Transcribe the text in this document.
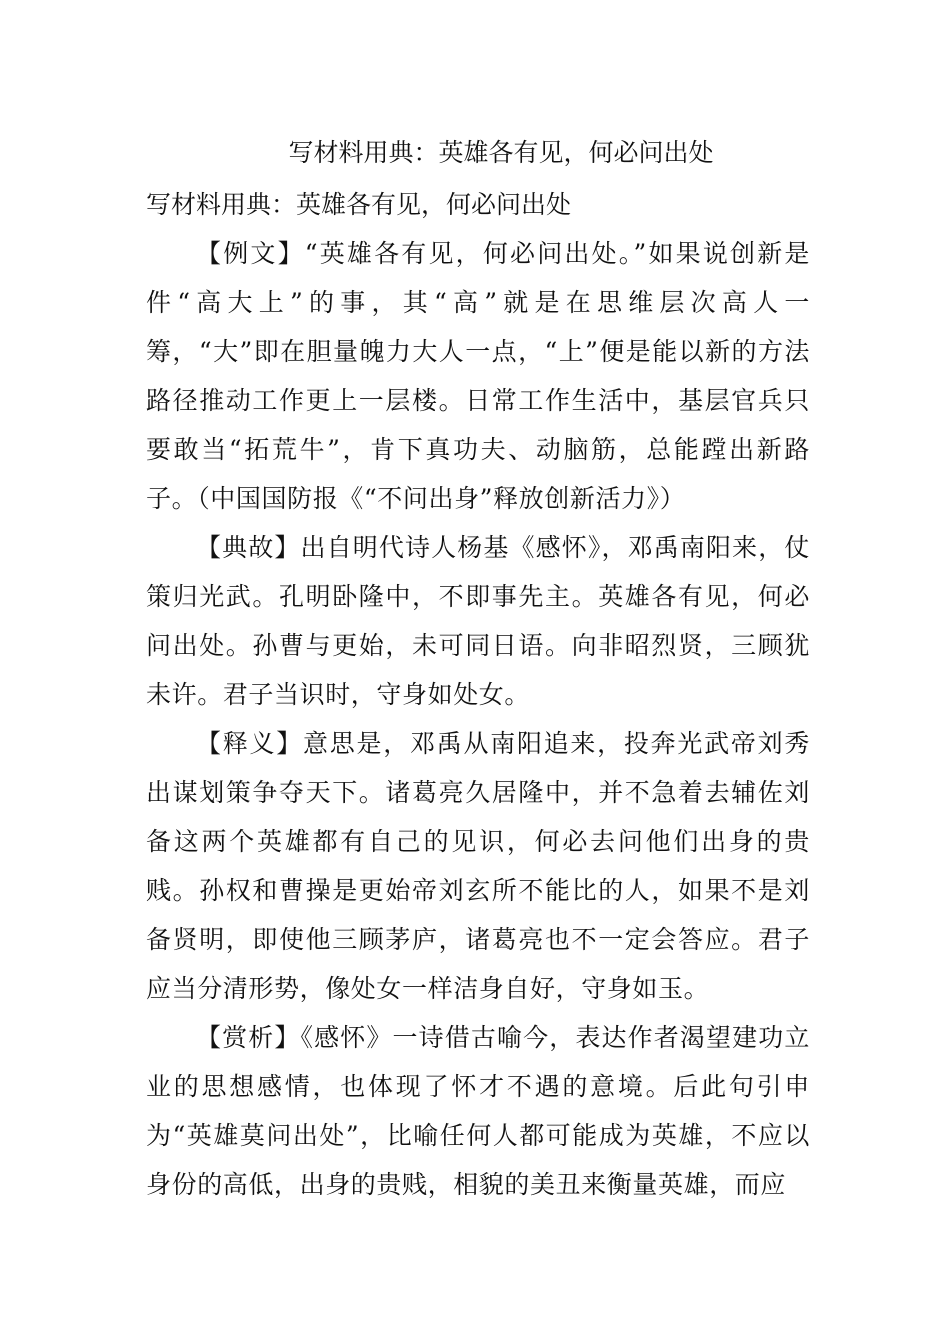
写材料用典：英雄各有见，何必问出处

写材料用典：英雄各有见，何必问出处

【例文】“英雄各有见，何必问出处。”如果说创新是件“高大上”的事，其“高”就是在思维层次高人一筹，“大”即在胆量魄力大人一点，“上”便是能以新的方法路径推动工作更上一层楼。日常工作生活中，基层官兵只要敢当“拓荒牛”，肯下真功夫、动脑筋，总能蹚出新路子。（中国国防报《“不问出身”释放创新活力》）

【典故】出自明代诗人杨基《感怀》，邓禹南阳来，仗策归光武。孔明卧隆中，不即事先主。英雄各有见，何必问出处。孙曹与更始，未可同日语。向非昭烈贤，三顾犹未许。君子当识时，守身如处女。

【释义】意思是，邓禹从南阳追来，投奔光武帝刘秀出谋划策争夺天下。诸葛亮久居隆中，并不急着去辅佐刘备这两个英雄都有自己的见识，何必去问他们出身的贵贱。孙权和曹操是更始帝刘玄所不能比的人，如果不是刘备贤明，即使他三顾茅庐，诸葛亮也不一定会答应。君子应当分清形势，像处女一样洁身自好，守身如玉。

【赏析】《感怀》一诗借古喻今，表达作者渴望建功立业的思想感情，也体现了怀才不遇的意境。后此句引申为“英雄莫问出处”，比喻任何人都可能成为英雄，不应以身份的高低，出身的贵贱，相貌的美丑来衡量英雄，而应
